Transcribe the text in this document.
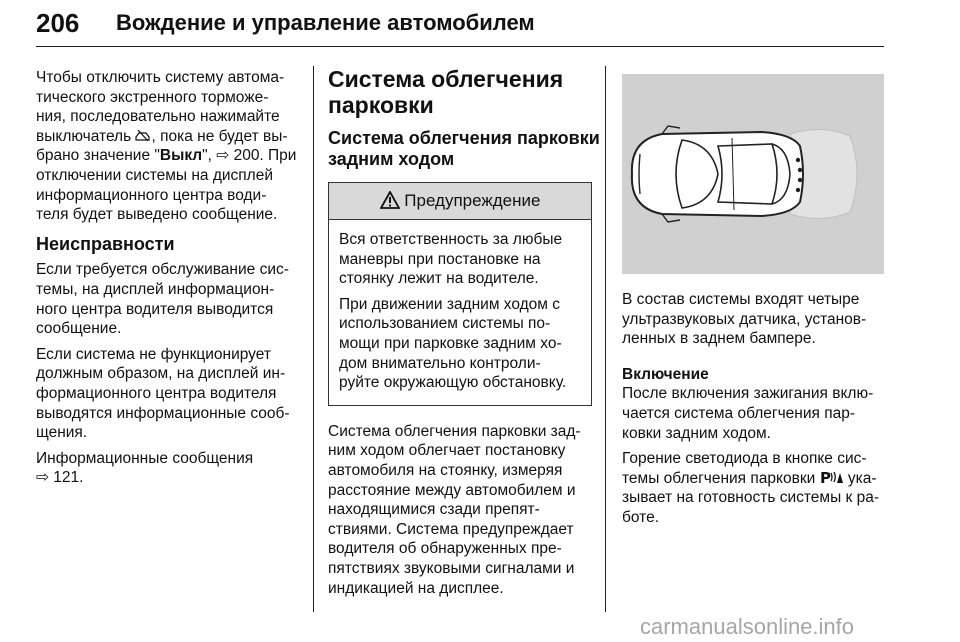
206 Вождение и управление автомобилем

Чтобы отключить систему автома-
тического экстренного торможе-
ния, последовательно нажимайте
выключатель , пока не будет вы-
брано значение "Выкл", ⇨ 200. При
отключении системы на дисплей
информационного центра води-
теля будет выведено сообщение.

Неисправности

Если требуется обслуживание сис-
темы, на дисплей информацион-
ного центра водителя выводится
сообщение.

Если система не функционирует
должным образом, на дисплей ин-
формационного центра водителя
выводятся информационные сооб-
щения.

Информационные сообщения
⇨ 121.

Система облегчения
парковки
Система облегчения парковки
задним ходом
Предупреждение

Вся ответственность за любые
маневры при постановке на
стоянку лежит на водителе.

При движении задним ходом с
использованием системы по-
мощи при парковке задним хо-
дом внимательно контроли-
руйте окружающую обстановку.

Система облегчения парковки зад-
ним ходом облегчает постановку
автомобиля на стоянку, измеряя
расстояние между автомобилем и
находящимися сзади препят-
ствиями. Система предупреждает
водителя об обнаруженных пре-
пятствиях звуковыми сигналами и
индикацией на дисплее.

В состав системы входят четыре
ультразвуковых датчика, установ-
ленных в заднем бампере.

Включение

После включения зажигания вклю-
чается система облегчения пар-
ковки задним ходом.

Горение светодиода в кнопке сис-
темы облегчения парковки P ука-
зывает на готовность системы к ра-
боте.

carmanualsonline.info
